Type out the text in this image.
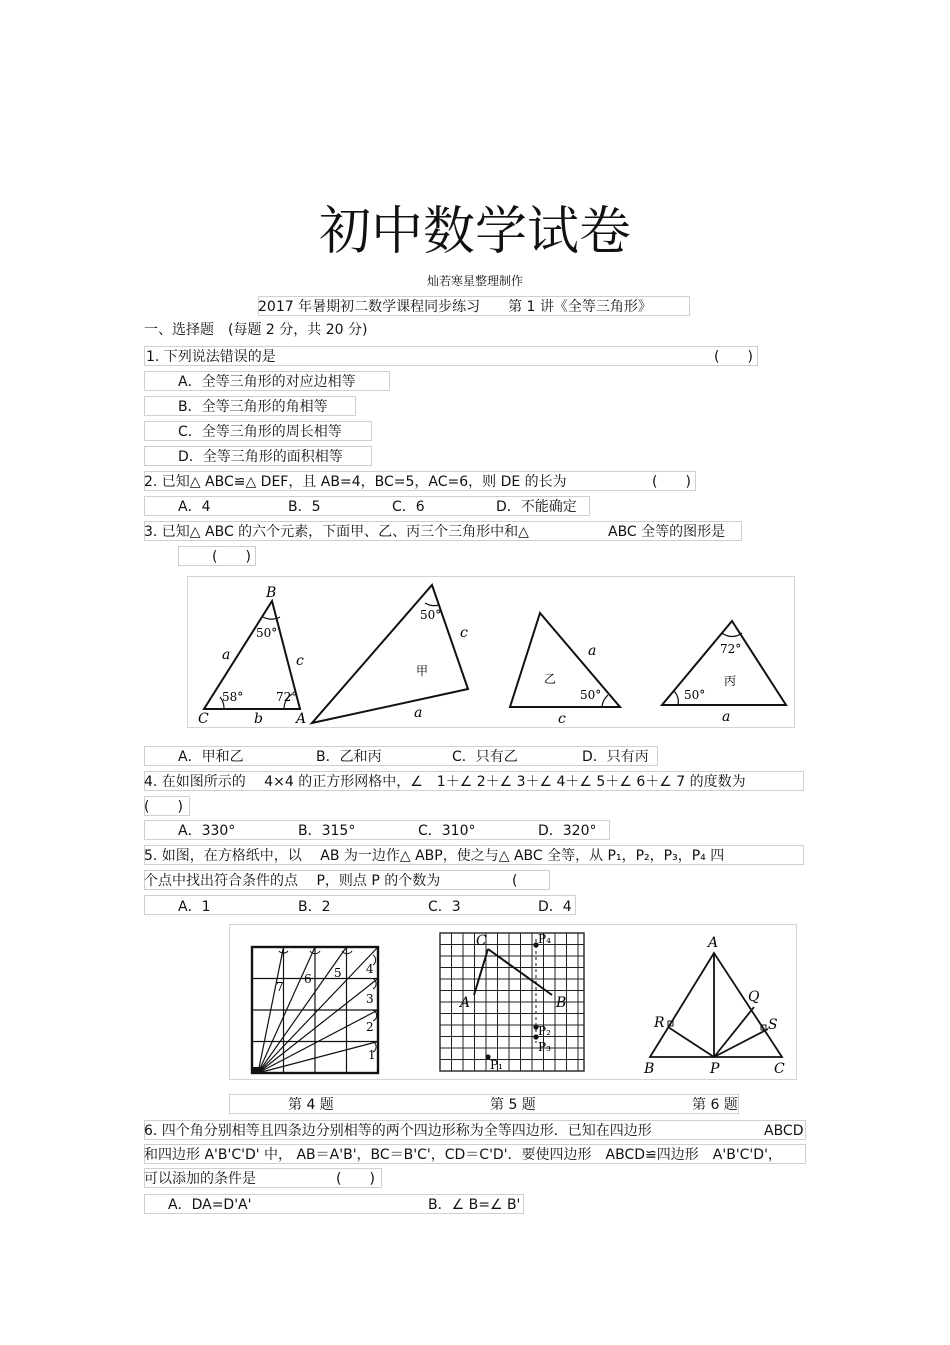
初中数学试卷
灿若寒星整理制作
2017 年暑期初二数学课程同步练习　　第 1 讲《全等三角形》
一、选择题　(每题 2 分，共 20 分)
1. 下列说法错误的是	(　　)
A．全等三角形的对应边相等
B．全等三角形的角相等
C．全等三角形的周长相等
D．全等三角形的面积相等
2. 已知△ ABC≌△ DEF，且 AB=4，BC=5，AC=6，则 DE 的长为	(　　)
A．4	B．5	C．6	D．不能确定
3. 已知△ ABC 的六个元素，下面甲、乙、丙三个三角形中和△	ABC 全等的图形是
(　　)
B
C	A
a
b
c
50°
58°	72°
50°
c
a
甲
a
c
50°
乙
72°
50°
a
丙
A．甲和乙	B．乙和丙	C．只有乙	D．只有丙
4. 在如图所示的　 4×4 的正方形网格中，∠　1＋∠ 2＋∠ 3＋∠ 4＋∠ 5＋∠ 6＋∠ 7 的度数为
(　　)
A．330°	B．315°	C．310°	D．320°
5. 如图，在方格纸中，以　 AB 为一边作△ ABP，使之与△ ABC 全等，从 P₁，P₂，P₃，P₄ 四
个点中找出符合条件的点　 P，则点 P 的个数为	(
A．1	B．2	C．3	D．4
1
2
3
4
5
6
7
C
A	B
P₄
P₂
P₃
P₁
A
B	C
P
Q
R	S
第 4 题	第 5 题	第 6 题
6. 四个角分别相等且四条边分别相等的两个四边形称为全等四边形．已知在四边形	ABCD
和四边形 A'B'C'D' 中， AB＝A'B'，BC＝B'C'，CD＝C'D'．要使四边形　ABCD≌四边形　A'B'C'D'，
可以添加的条件是	(　　)
A．DA=D'A'	B．∠ B=∠ B'
